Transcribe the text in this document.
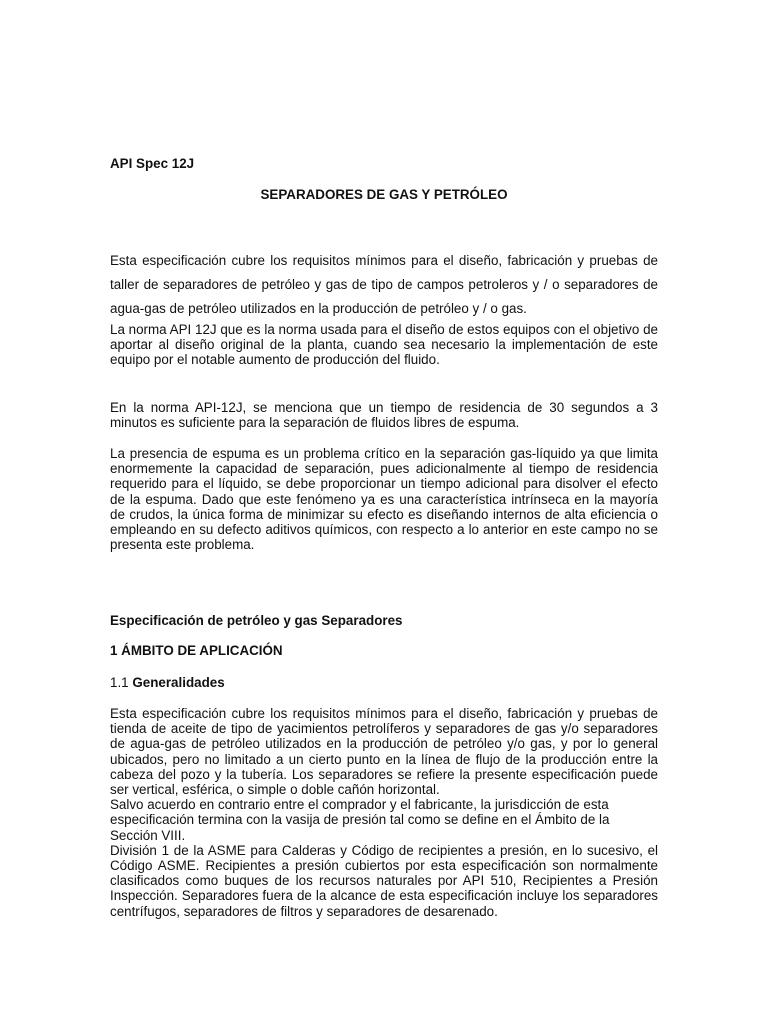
API Spec 12J
SEPARADORES DE GAS Y PETRÓLEO

Esta especificación cubre los requisitos mínimos para el diseño, fabricación y pruebas de taller de separadores de petróleo y gas de tipo de campos petroleros y / o separadores de agua-gas de petróleo utilizados en la producción de petróleo y / o gas.

La norma API 12J que es la norma usada para el diseño de estos equipos con el objetivo de aportar al diseño original de la planta, cuando sea necesario la implementación de este equipo por el notable aumento de producción del fluido.

En la norma API-12J, se menciona que un tiempo de residencia de 30 segundos a 3 minutos es suficiente para la separación de fluidos libres de espuma.

La presencia de espuma es un problema crítico en la separación gas-líquido ya que limita enormemente la capacidad de separación, pues adicionalmente al tiempo de residencia requerido para el líquido, se debe proporcionar un tiempo adicional para disolver el efecto de la espuma. Dado que este fenómeno ya es una característica intrínseca en la mayoría de crudos, la única forma de minimizar su efecto es diseñando internos de alta eficiencia o empleando en su defecto aditivos químicos, con respecto a lo anterior en este campo no se presenta este problema.

Especificación de petróleo y gas Separadores
1 ÁMBITO DE APLICACIÓN
1.1 Generalidades

Esta especificación cubre los requisitos mínimos para el diseño, fabricación y pruebas de tienda de aceite de tipo de yacimientos petrolíferos y separadores de gas y/o separadores de agua-gas de petróleo utilizados en la producción de petróleo y/o gas, y por lo general ubicados, pero no limitado a un cierto punto en la línea de flujo de la producción entre la cabeza del pozo y la tubería. Los separadores se refiere la presente especificación puede ser vertical, esférica, o simple o doble cañón horizontal.

Salvo acuerdo en contrario entre el comprador y el fabricante, la jurisdicción de esta especificación termina con la vasija de presión tal como se define en el Ámbito de la Sección VIII.

División 1 de la ASME para Calderas y Código de recipientes a presión, en lo sucesivo, el Código ASME. Recipientes a presión cubiertos por esta especificación son normalmente clasificados como buques de los recursos naturales por API 510, Recipientes a Presión Inspección. Separadores fuera de la alcance de esta especificación incluye los separadores centrífugos, separadores de filtros y separadores de desarenado.
